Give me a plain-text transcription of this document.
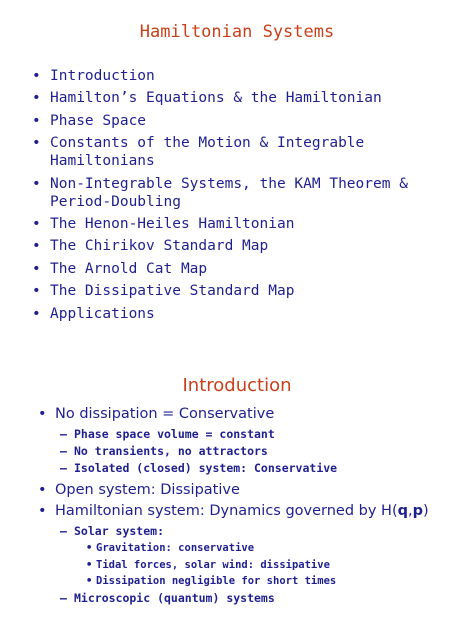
Hamiltonian Systems
• Introduction
• Hamilton’s Equations & the Hamiltonian
• Phase Space
• Constants of the Motion & Integrable Hamiltonians
• Non-Integrable Systems, the KAM Theorem & Period-Doubling
• The Henon-Heiles Hamiltonian
• The Chirikov Standard Map
• The Arnold Cat Map
• The Dissipative Standard Map
• Applications
Introduction
• No dissipation = Conservative
– Phase space volume = constant
– No transients, no attractors
– Isolated (closed) system: Conservative
• Open system: Dissipative
• Hamiltonian system: Dynamics governed by H(q,p)
– Solar system:
• Gravitation: conservative
• Tidal forces, solar wind: dissipative
• Dissipation negligible for short times
– Microscopic (quantum) systems
